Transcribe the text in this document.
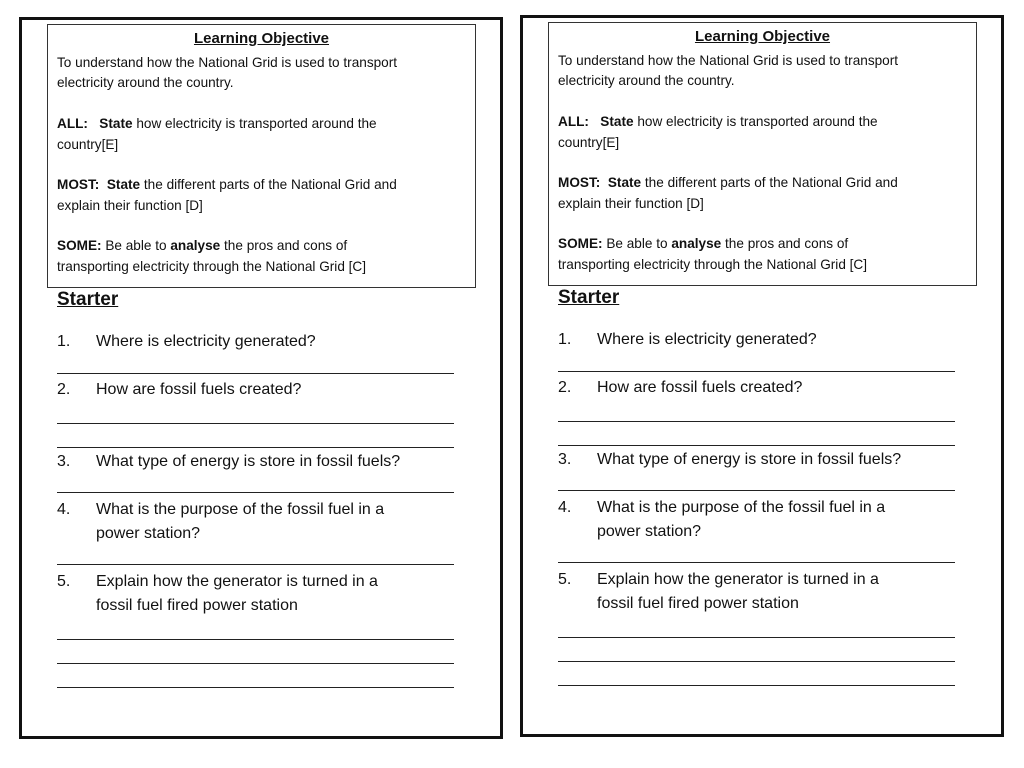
Learning Objective
To understand how the National Grid is used to transport
electricity around the country.
ALL: State how electricity is transported around the
country[E]
MOST: State the different parts of the National Grid and
explain their function [D]
SOME: Be able to analyse the pros and cons of
transporting electricity through the National Grid [C]
Starter
1. Where is electricity generated?
2. How are fossil fuels created?
3. What type of energy is store in fossil fuels?
4. What is the purpose of the fossil fuel in a
power station?
5. Explain how the generator is turned in a
fossil fuel fired power station
Learning Objective
To understand how the National Grid is used to transport
electricity around the country.
ALL: State how electricity is transported around the
country[E]
MOST: State the different parts of the National Grid and
explain their function [D]
SOME: Be able to analyse the pros and cons of
transporting electricity through the National Grid [C]
Starter
1. Where is electricity generated?
2. How are fossil fuels created?
3. What type of energy is store in fossil fuels?
4. What is the purpose of the fossil fuel in a
power station?
5. Explain how the generator is turned in a
fossil fuel fired power station
